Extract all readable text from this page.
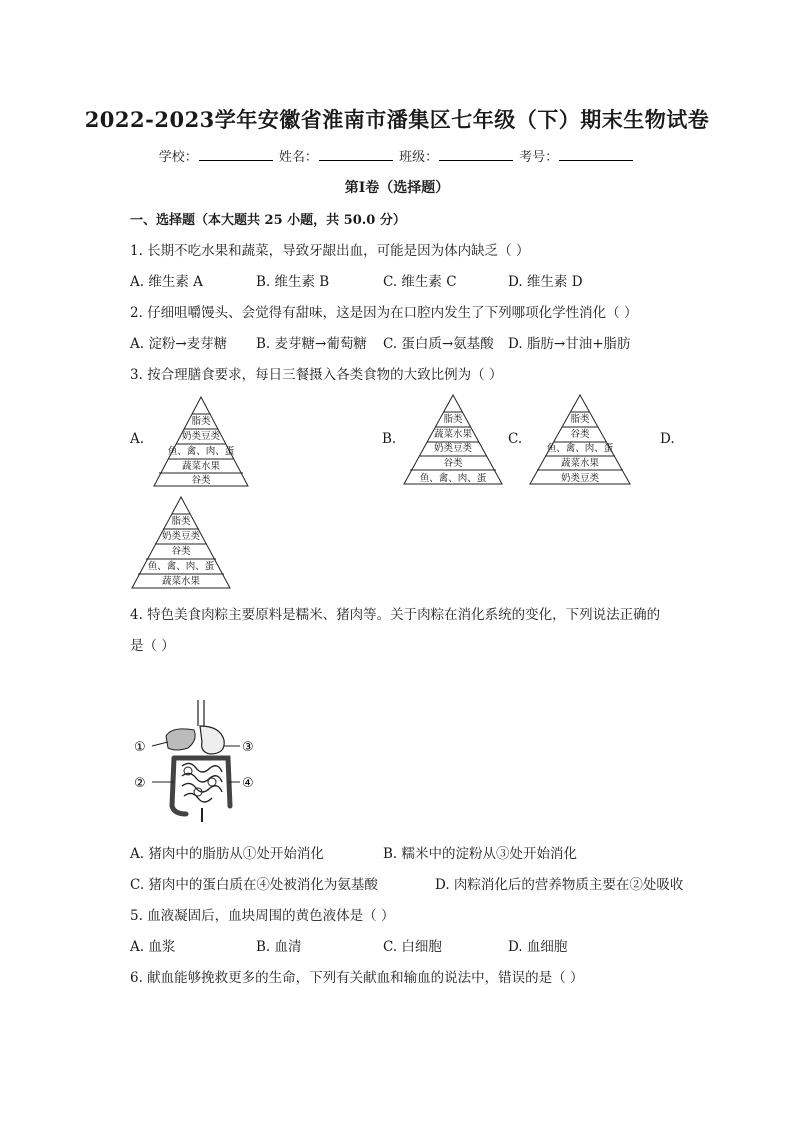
2022-2023学年安徽省淮南市潘集区七年级（下）期末生物试卷
学校：	姓名：	班级：	考号：
第I卷（选择题）
一、选择题（本大题共 25 小题，共 50.0 分）
1. 长期不吃水果和蔬菜，导致牙龈出血，可能是因为体内缺乏（ ）
A. 维生素 A	B. 维生素 B	C. 维生素 C	D. 维生素 D
2. 仔细咀嚼馒头、会觉得有甜味，这是因为在口腔内发生了下列哪项化学性消化（ ）
A. 淀粉→麦芽糖 B. 麦芽糖→葡萄糖 C. 蛋白质→氨基酸 D. 脂肪→甘油+脂肪
3. 按合理膳食要求，每日三餐摄入各类食物的大致比例为（ ）
A.
脂类
奶类豆类
鱼、禽、肉、蛋
蔬菜水果
谷类
B.
脂类
蔬菜水果
奶类豆类
谷类
鱼、禽、肉、蛋
C.
脂类
谷类
鱼、禽、肉、蛋
蔬菜水果
奶类豆类
D.
脂类
奶类豆类
谷类
鱼、禽、肉、蛋
蔬菜水果
4. 特色美食肉粽主要原料是糯米、猪肉等。关于肉粽在消化系统的变化，下列说法正确的
是（ ）
①
②
③
④
A. 猪肉中的脂肪从①处开始消化	B. 糯米中的淀粉从③处开始消化
C. 猪肉中的蛋白质在④处被消化为氨基酸	D. 肉粽消化后的营养物质主要在②处吸收
5. 血液凝固后，血块周围的黄色液体是（ ）
A. 血浆	B. 血清	C. 白细胞	D. 血细胞
6. 献血能够挽救更多的生命，下列有关献血和输血的说法中，错误的是（ ）
